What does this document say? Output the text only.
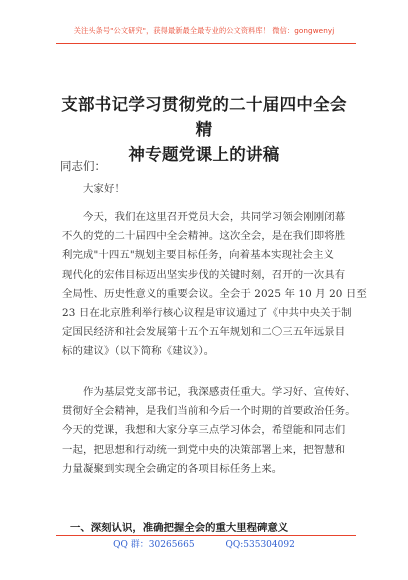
关注头条号"公文研究"，获得最新最全最专业的公文资料库！ 微信：gongwenyj
支部书记学习贯彻党的二十届四中全会精
神专题党课上的讲稿
同志们：
大家好！
今天，我们在这里召开党员大会，共同学习领会刚刚闭幕
不久的党的二十届四中全会精神。这次全会，是在我们即将胜
利完成"十四五"规划主要目标任务，向着基本实现社会主义
现代化的宏伟目标迈出坚实步伐的关键时刻，召开的一次具有
全局性、历史性意义的重要会议。全会于 2025 年 10 月 20 日至
23 日在北京胜利举行核心议程是审议通过了《中共中央关于制
定国民经济和社会发展第十五个五年规划和二〇三五年远景目
标的建议》（以下简称《建议》）。
作为基层党支部书记，我深感责任重大。学习好、宣传好、
贯彻好全会精神，是我们当前和今后一个时期的首要政治任务。
今天的党课，我想和大家分享三点学习体会，希望能和同志们
一起，把思想和行动统一到党中央的决策部署上来，把智慧和
力量凝聚到实现全会确定的各项目标任务上来。
一、深刻认识，准确把握全会的重大里程碑意义
QQ 群：30265665	QQ:535304092
